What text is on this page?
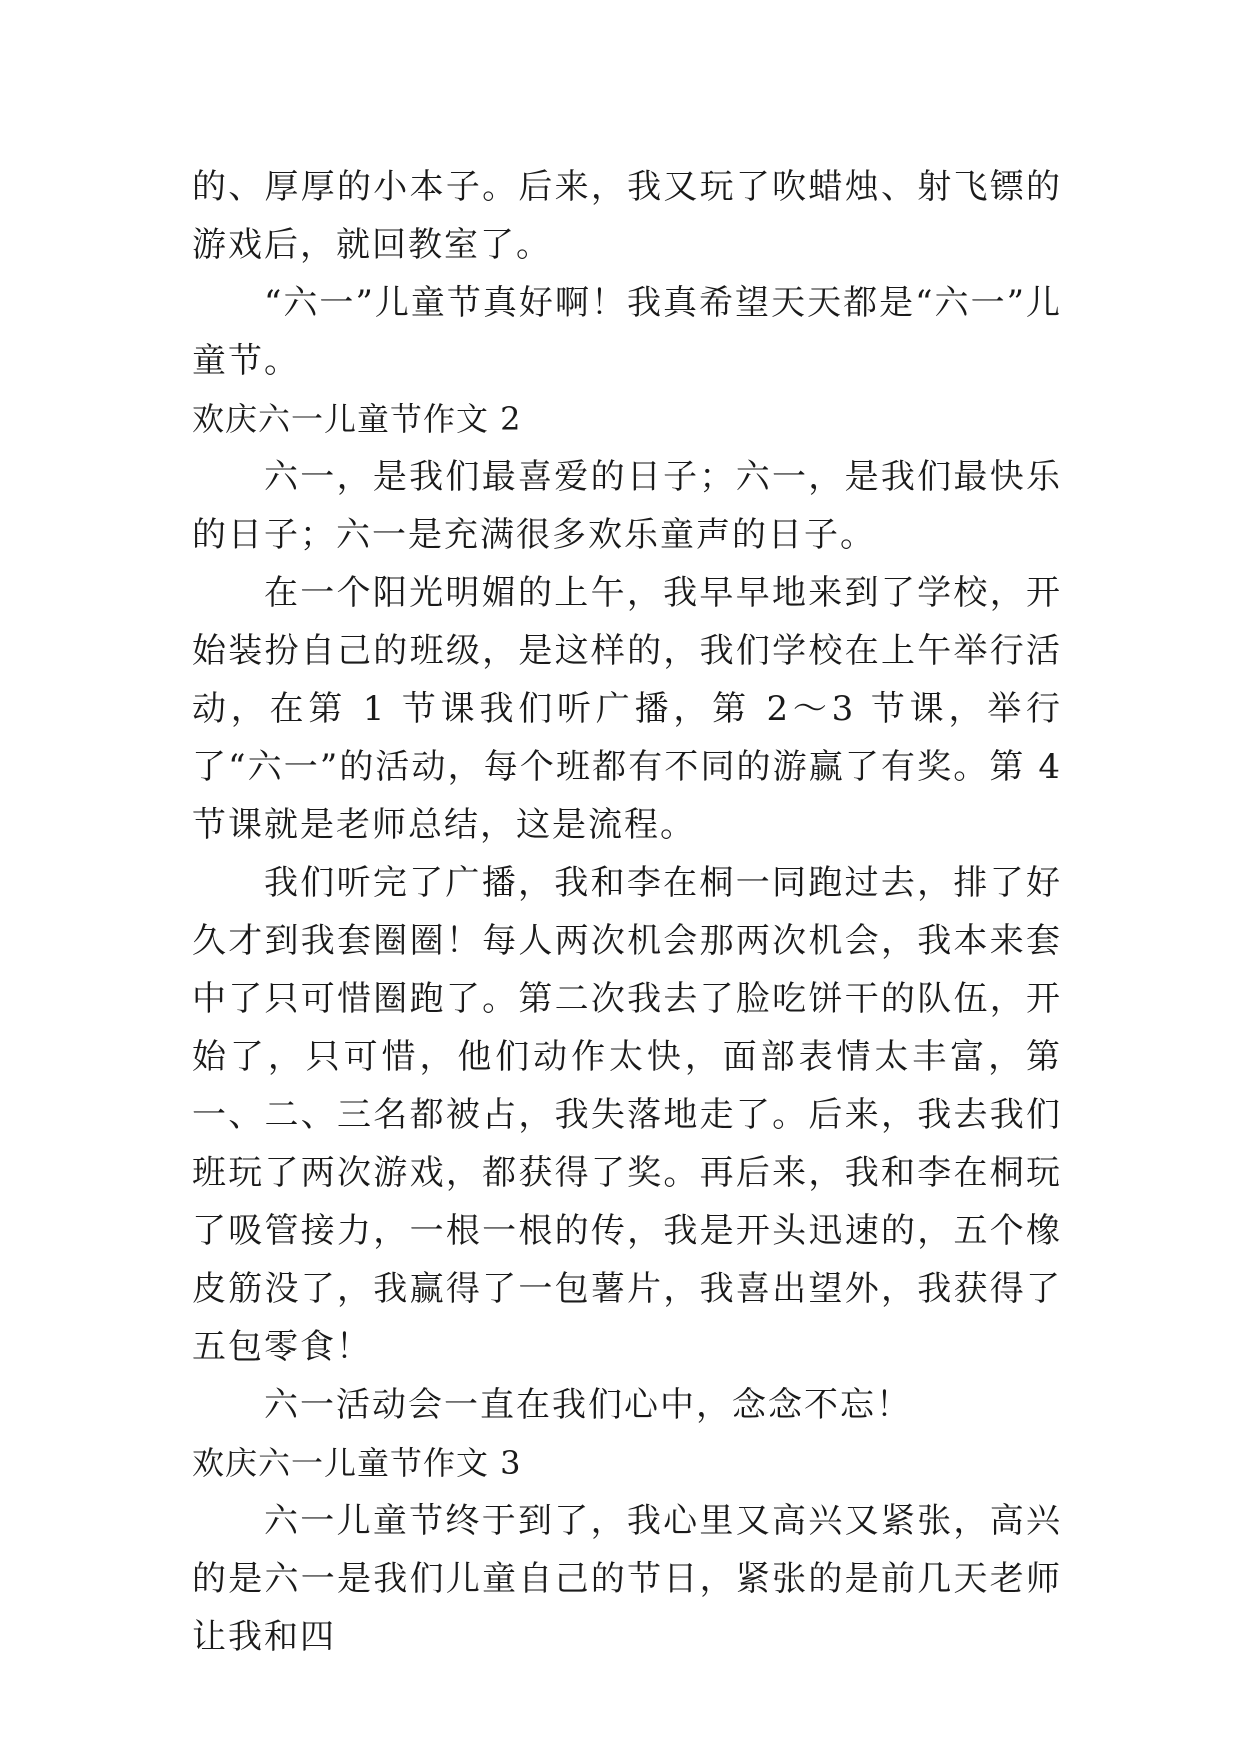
的、厚厚的小本子。后来，我又玩了吹蜡烛、射飞镖的游戏后，就回教室了。

“六一”儿童节真好啊！我真希望天天都是“六一”儿童节。

欢庆六一儿童节作文 2

六一，是我们最喜爱的日子；六一，是我们最快乐的日子；六一是充满很多欢乐童声的日子。

在一个阳光明媚的上午，我早早地来到了学校，开始装扮自己的班级，是这样的，我们学校在上午举行活动，在第 1 节课我们听广播，第 2～3 节课，举行了“六一”的活动，每个班都有不同的游赢了有奖。第 4 节课就是老师总结，这是流程。

我们听完了广播，我和李在桐一同跑过去，排了好久才到我套圈圈！每人两次机会那两次机会，我本来套中了只可惜圈跑了。第二次我去了脸吃饼干的队伍，开始了，只可惜，他们动作太快，面部表情太丰富，第一、二、三名都被占，我失落地走了。后来，我去我们班玩了两次游戏，都获得了奖。再后来，我和李在桐玩了吸管接力，一根一根的传，我是开头迅速的，五个橡皮筋没了，我赢得了一包薯片，我喜出望外，我获得了五包零食！

六一活动会一直在我们心中，念念不忘！

欢庆六一儿童节作文 3

六一儿童节终于到了，我心里又高兴又紧张，高兴的是六一是我们儿童自己的节日，紧张的是前几天老师让我和四
